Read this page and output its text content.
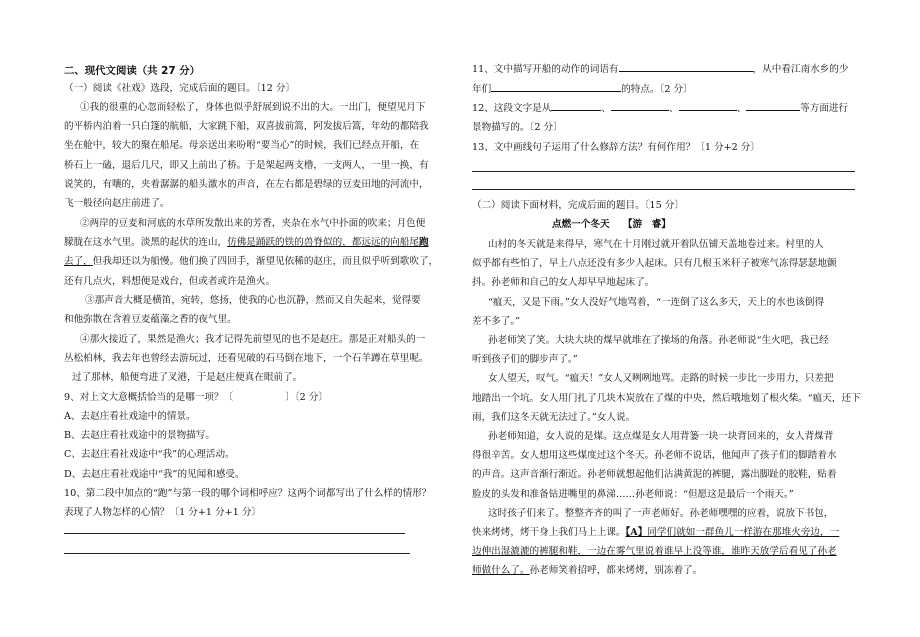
二、现代文阅读（共 27 分）
（一）阅读《社戏》选段，完成后面的题目。〔12 分〕
①我的很重的心忽而轻松了，身体也似乎舒展到说不出的大。一出门，便望见月下
的平桥内泊着一只白篷的航船，大家跳下船，双喜拔前篙，阿发拔后篙，年幼的都陪我
坐在舱中，较大的聚在船尾。母亲送出来吩咐“要当心”的时候，我们已经点开船，在
桥石上一磕，退后几尺，即又上前出了桥。于是架起两支橹，一支两人，一里一换，有
说笑的，有嚷的，夹着潺潺的船头激水的声音，在左右都是碧绿的豆麦田地的河流中，
飞一般径向赵庄前进了。
②两岸的豆麦和河底的水草所发散出来的芳香，夹杂在水气中扑面的吹来；月色便
朦胧在这水气里。淡黑的起伏的连山，仿佛是踊跃的铁的兽脊似的，都远远的向船尾跑
去了，但我却还以为船慢。他们换了四回手，渐望见依稀的赵庄，而且似乎听到歌吹了，
还有几点火，料想便是戏台，但或者或许是渔火。
③那声音大概是横笛，宛转，悠扬，使我的心也沉静，然而又自失起来，觉得要
和他弥散在含着豆麦蕴藻之香的夜气里。
④那火接近了，果然是渔火；我才记得先前望见的也不是赵庄。那是正对船头的一
丛松柏林，我去年也曾经去游玩过，还看见破的石马倒在地下，一个石羊蹲在草里呢。
过了那林，船便弯进了叉港，于是赵庄便真在眼前了。
9、对上文大意概括恰当的是哪一项？〔	〕〔2 分〕
A、去赵庄看社戏途中的情景。
B、去赵庄看社戏途中的景物描写。
C、去赵庄看社戏途中“我”的心理活动。
D、去赵庄看社戏途中“我”的见闻和感受。
10、第二段中加点的“跑”与第一段的哪个词相呼应？这两个词都写出了什么样的情形？
表现了人物怎样的心情？〔1 分+1 分+1 分〕
11、文中描写开船的动作的词语有	，从中看江南水乡的少
年们	的特点。〔2 分〕
12、这段文字是从	、	、	、	等方面进行
景物描写的。〔2 分〕
13、文中画线句子运用了什么修辞方法？有何作用？〔1 分+2 分〕
（二）阅读下面材料，完成后面的题目。〔15 分〕
点燃一个冬天 【游　睿】
山村的冬天就是来得早，寒气在十月刚过就开着队伍铺天盖地卷过来。村里的人
似乎都有些怕了，早上八点还没有多少人起床。只有几根玉米秆子被寒气冻得瑟瑟地颤
抖。孙老师和自己的女人却早早地起床了。
“瘟天，又是下雨。”女人没好气地骂着，“一连倒了这么多天，天上的水也该倒得
差不多了。”
孙老师笑了笑。大块大块的煤早就堆在了操场的角落。孙老师说“生火吧，我已经
听到孩子们的脚步声了。”
女人望天，叹气。“瘟天！”女人又咧咧地骂。走路的时候一步比一步用力，只差把
地踏出一个坑。女人用门扎了几块木炭放在了煤的中央，然后哦地划了根火柴。“瘟天，还下
雨，我们这冬天就无法过了。”女人说。
孙老师知道，女人说的是煤。这点煤是女人用背篓一块一块背回来的，女人背煤背
得很辛苦。女人想用这些煤度过这个冬天。孙老师不说话，他闻声了孩子们的脚踏着水
的声音。这声音渐行渐近。孙老师就想起他们沾满黄泥的裤腿，露出脚趾的胶鞋，贴着
脸皮的头发和准备钻进嘴里的鼻涕……孙老师说：“但愿这是最后一个雨天。”
这时孩子们来了。整整齐齐的叫了一声老师好。孙老师嘿嘿的应着，说放下书包，
快来烤烤，烤干身上我们马上上课。【A】同学们就如一群鱼儿一样游在那堆火旁边，一
边伸出湿漉漉的裤腿和鞋，一边在雾气里说着谁早上没等谁，谁昨天放学后看见了孙老
师做什么了。孙老师笑着招呼，都来烤烤，别冻着了。
